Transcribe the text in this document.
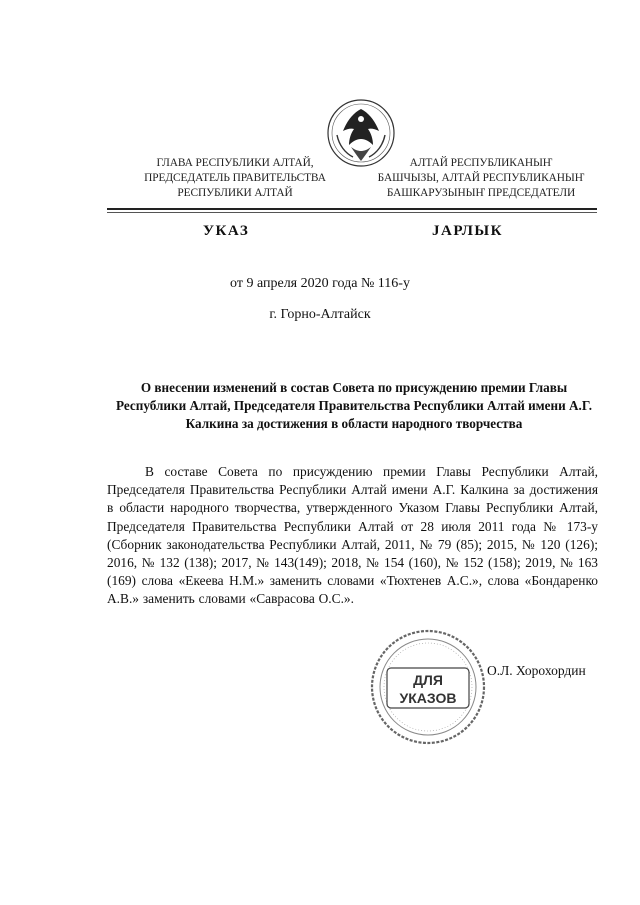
ГЛАВА РЕСПУБЛИКИ АЛТАЙ,
ПРЕДСЕДАТЕЛЬ ПРАВИТЕЛЬСТВА
РЕСПУБЛИКИ АЛТАЙ
АЛТАЙ РЕСПУБЛИКАНЫҤ
БАШЧЫЗЫ, АЛТАЙ РЕСПУБЛИКАНЫҤ
БАШКАРУЗЫНЫҤ ПРЕДСЕДАТЕЛИ
УКАЗ	JАРЛЫК
от 9 апреля 2020 года № 116-у
г. Горно-Алтайск
О внесении изменений в состав Совета по присуждению премии Главы Республики Алтай, Председателя Правительства Республики Алтай имени А.Г. Калкина за достижения в области народного творчества
В составе Совета по присуждению премии Главы Республики Алтай, Председателя Правительства Республики Алтай имени А.Г. Калкина за достижения в области народного творчества, утвержденного Указом Главы Республики Алтай, Председателя Правительства Республики Алтай от 28 июля 2011 года № 173-у (Сборник законодательства Республики Алтай, 2011, № 79 (85); 2015, № 120 (126); 2016, № 132 (138); 2017, № 143(149); 2018, № 154 (160), № 152 (158); 2019, № 163 (169) слова «Екеева Н.М.» заменить словами «Тюхтенев А.С.», слова «Бондаренко А.В.» заменить словами «Саврасова О.С.».
ДЛЯ
УКАЗОВ
О.Л. Хорохордин
